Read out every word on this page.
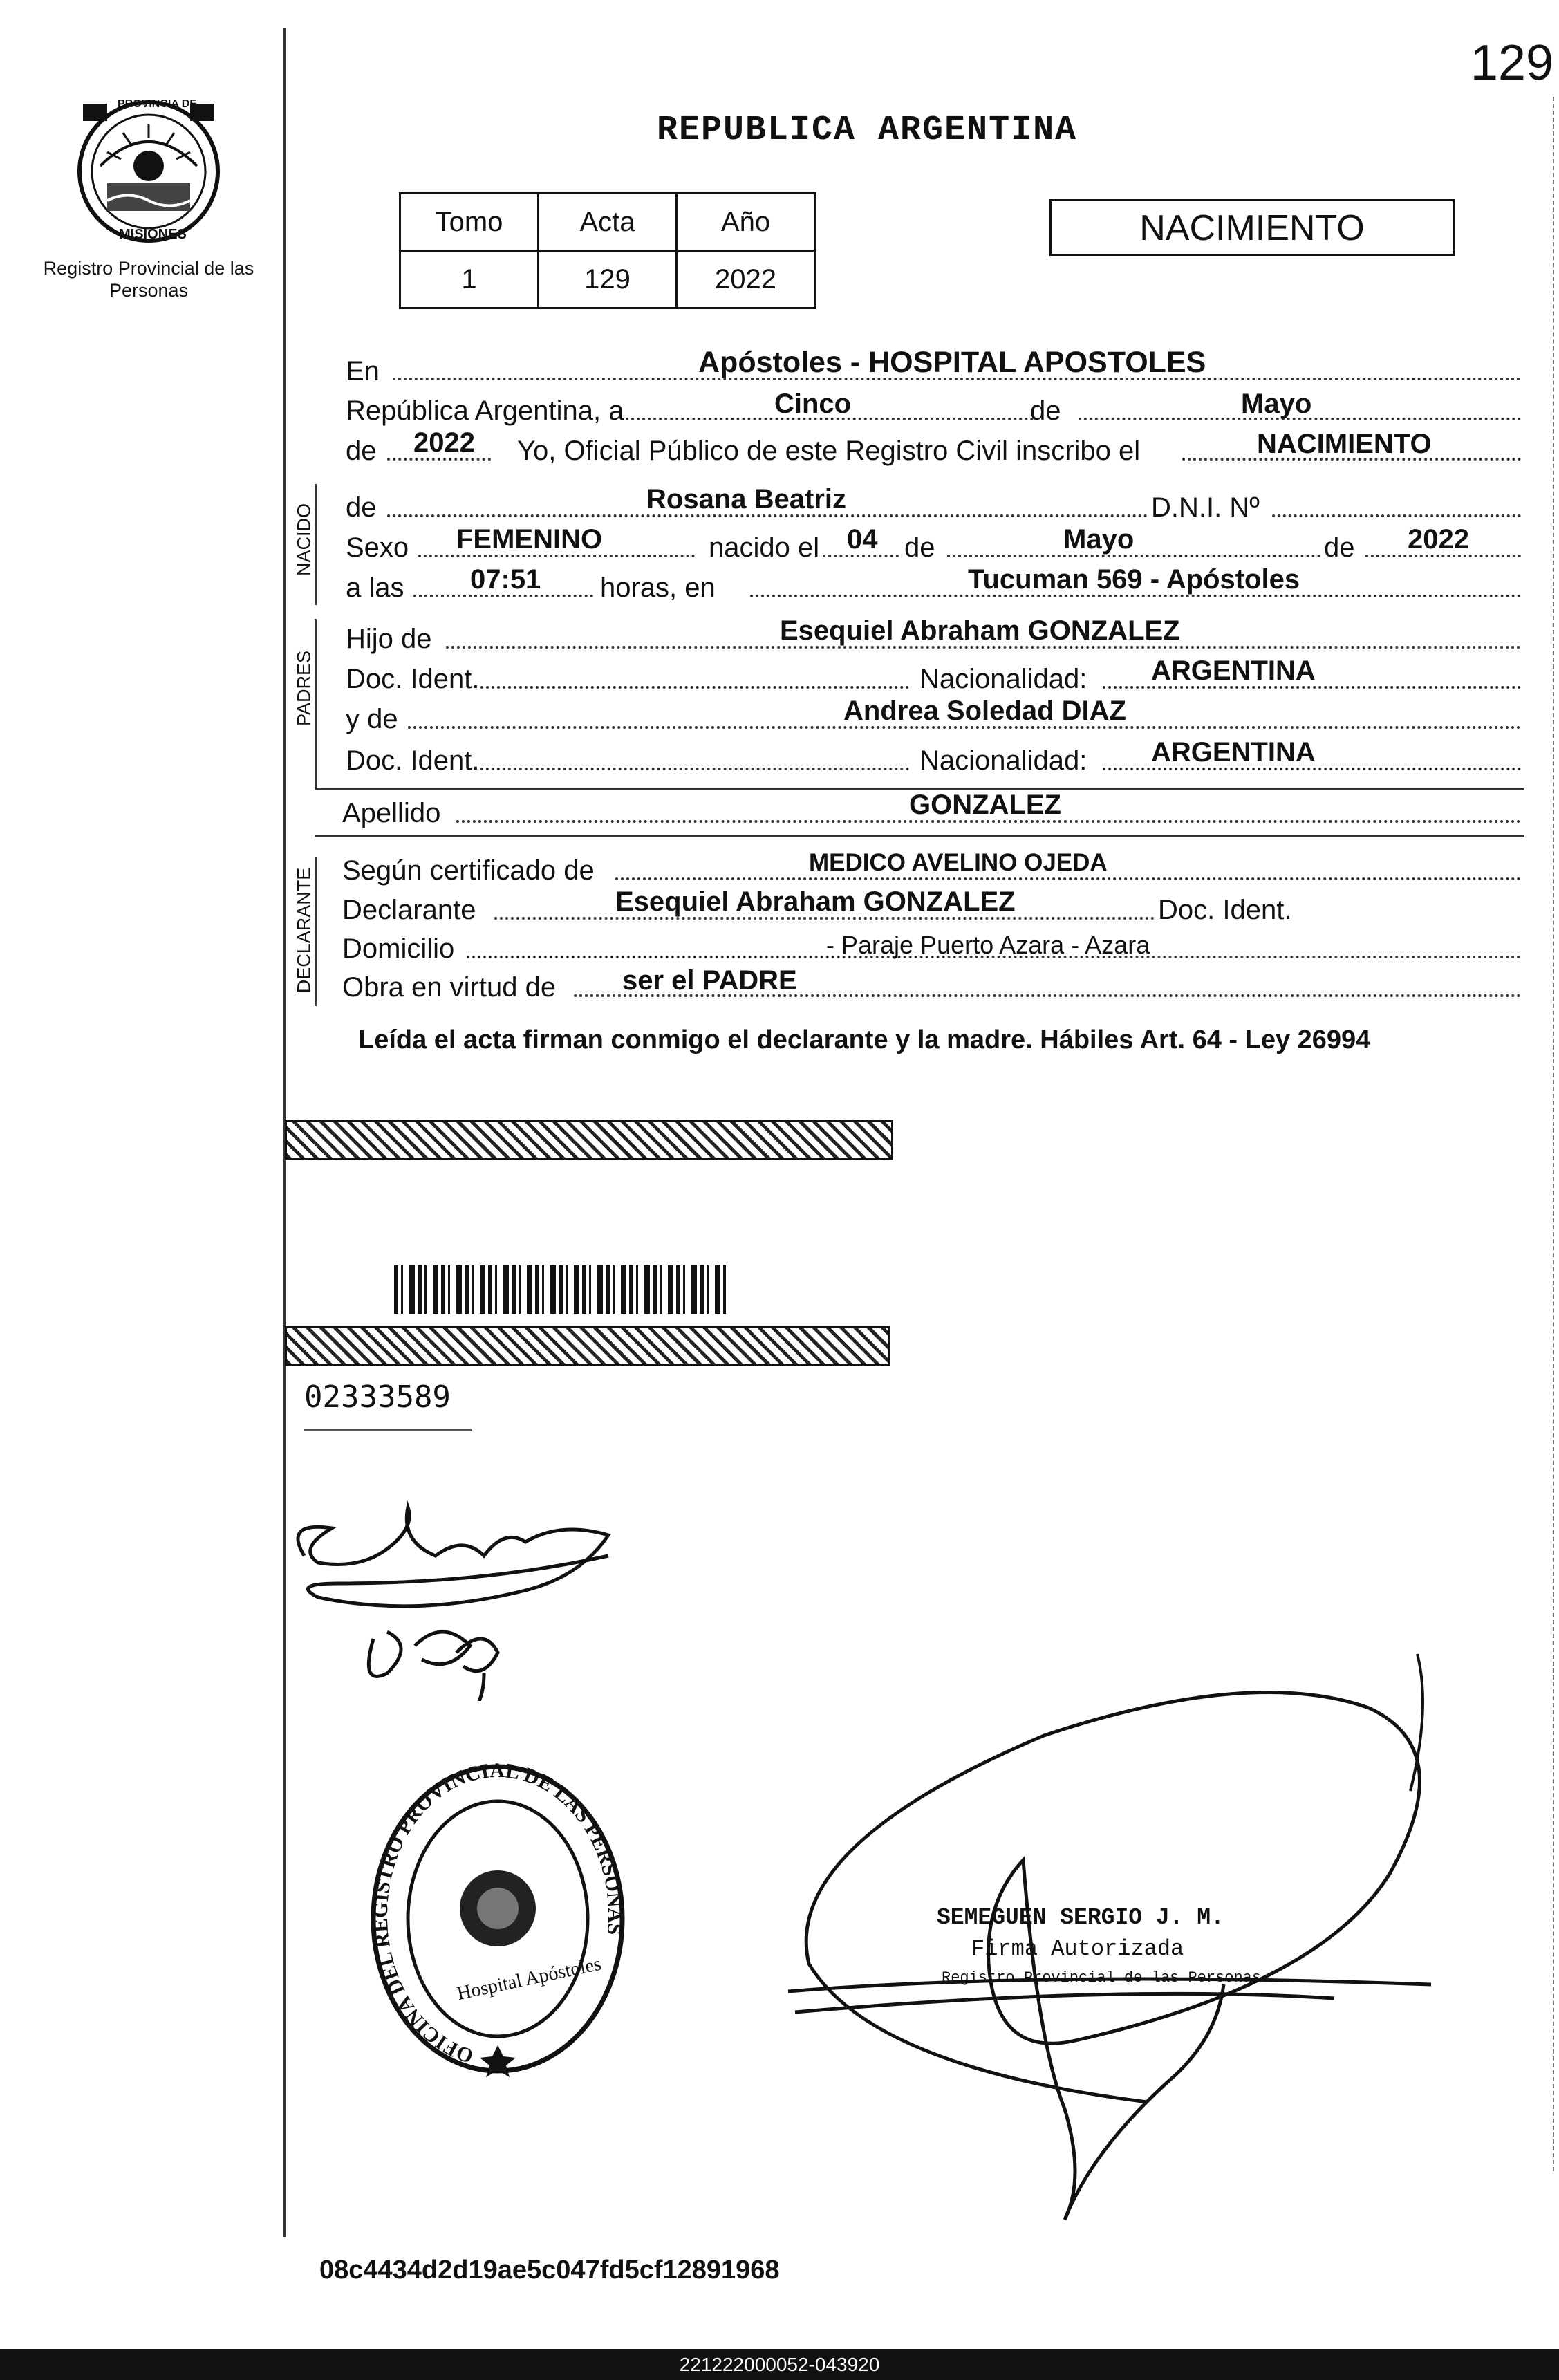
129
PROVINCIA DE
MISIONES
Registro Provincial de las Personas
REPUBLICA ARGENTINA
Tomo	Acta	Año
1	129	2022
NACIMIENTO
En	Apóstoles - HOSPITAL APOSTOLES
República Argentina, a	Cinco	de	Mayo
de 2022 Yo, Oficial Público de este Registro Civil inscribo el	NACIMIENTO
NACIDO de	Rosana Beatriz	D.N.I. Nº
Sexo FEMENINO	nacido el 04 de	Mayo	de 2022
a las 07:51 horas, en	Tucuman 569 - Apóstoles
PADRES
Hijo de	Esequiel Abraham GONZALEZ
Doc. Ident.	Nacionalidad: ARGENTINA
y de	Andrea Soledad DIAZ
Doc. Ident.	Nacionalidad: ARGENTINA
Apellido	GONZALEZ
DECLARANTE Según certificado de	MEDICO AVELINO OJEDA
Declarante	Esequiel Abraham GONZALEZ	Doc. Ident.
Domicilio	- Paraje Puerto Azara - Azara
Obra en virtud de ser el PADRE
Leída el acta firman conmigo el declarante y la madre. Hábiles Art. 64 - Ley 26994
02333589
SEMEGUEN SERGIO J. M.
Firma Autorizada
Registro Provincial de las Personas
OFICINA DEL REGISTRO PROVINCIAL DE LAS PERSONAS
Hospital Apóstoles
08c4434d2d19ae5c047fd5cf12891968
221222000052-043920
